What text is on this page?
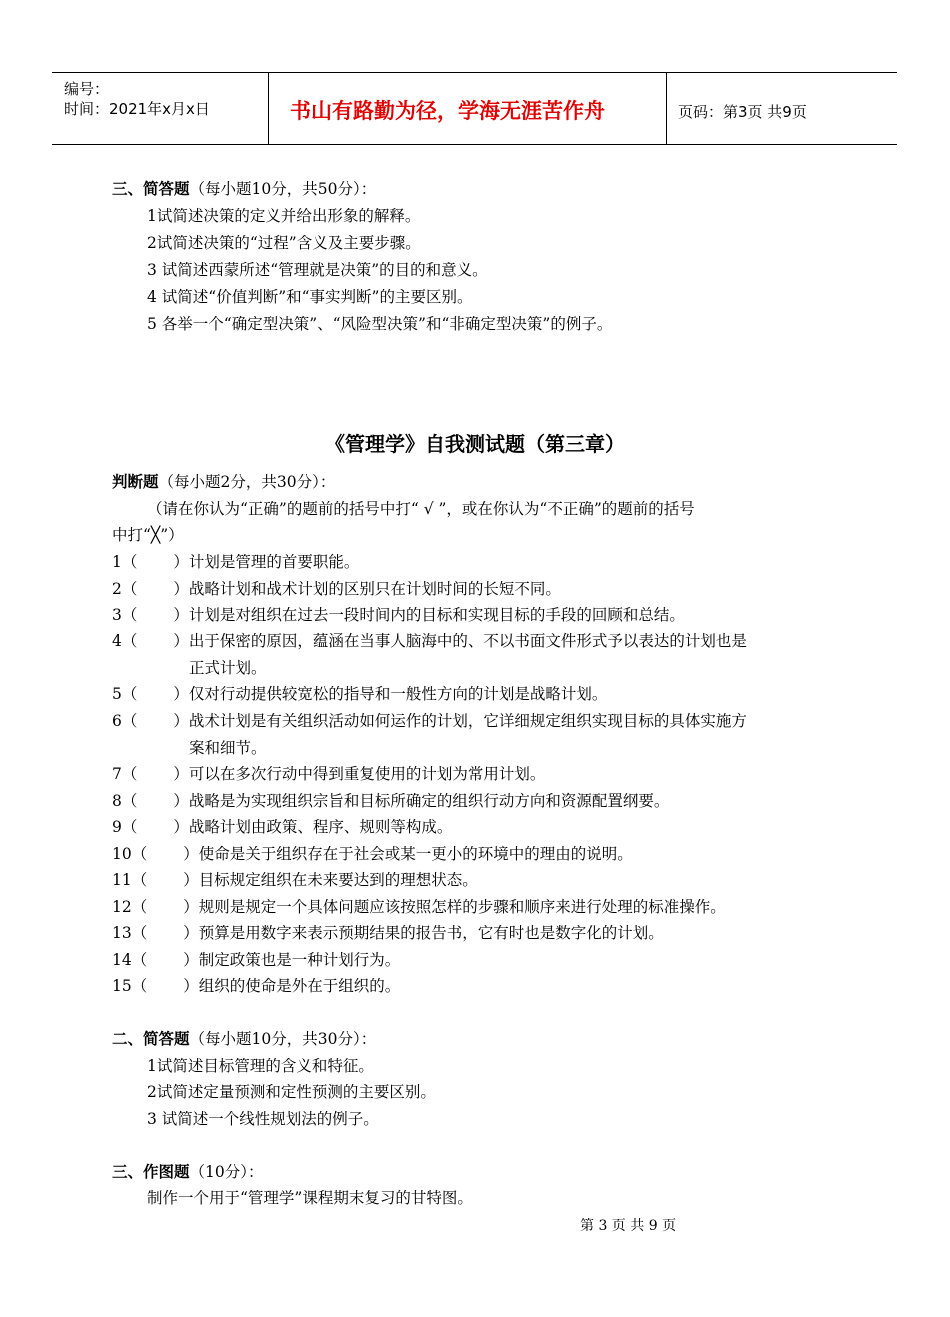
编号：
时间：2021年x月x日	书山有路勤为径，学海无涯苦作舟	页码：第3页 共9页
三、简答题（每小题10分，共50分）：
1试简述决策的定义并给出形象的解释。
2试简述决策的“过程”含义及主要步骤。
3 试简述西蒙所述“管理就是决策”的目的和意义。
4 试简述“价值判断”和“事实判断”的主要区别。
5 各举一个“确定型决策”、“风险型决策”和“非确定型决策”的例子。
《管理学》自我测试题（第三章）
判断题（每小题2分，共30分）：
（请在你认为“正确”的题前的括号中打“ √ ”，或在你认为“不正确”的题前的括号
中打“╳”）
1（ ）计划是管理的首要职能。
2（ ）战略计划和战术计划的区别只在计划时间的长短不同。
3（ ）计划是对组织在过去一段时间内的目标和实现目标的手段的回顾和总结。
4（ ）出于保密的原因，蕴涵在当事人脑海中的、不以书面文件形式予以表达的计划也是
正式计划。
5（ ）仅对行动提供较宽松的指导和一般性方向的计划是战略计划。
6（ ）战术计划是有关组织活动如何运作的计划，它详细规定组织实现目标的具体实施方
案和细节。
7（ ）可以在多次行动中得到重复使用的计划为常用计划。
8（ ）战略是为实现组织宗旨和目标所确定的组织行动方向和资源配置纲要。
9（ ）战略计划由政策、程序、规则等构成。
10（ ）使命是关于组织存在于社会或某一更小的环境中的理由的说明。
11（ ）目标规定组织在未来要达到的理想状态。
12（ ）规则是规定一个具体问题应该按照怎样的步骤和顺序来进行处理的标准操作。
13（ ）预算是用数字来表示预期结果的报告书，它有时也是数字化的计划。
14（ ）制定政策也是一种计划行为。
15（ ）组织的使命是外在于组织的。
二、简答题（每小题10分，共30分）：
1试简述目标管理的含义和特征。
2试简述定量预测和定性预测的主要区别。
3 试简述一个线性规划法的例子。
三、作图题（10分）：
制作一个用于“管理学”课程期末复习的甘特图。
第 3 页 共 9 页
